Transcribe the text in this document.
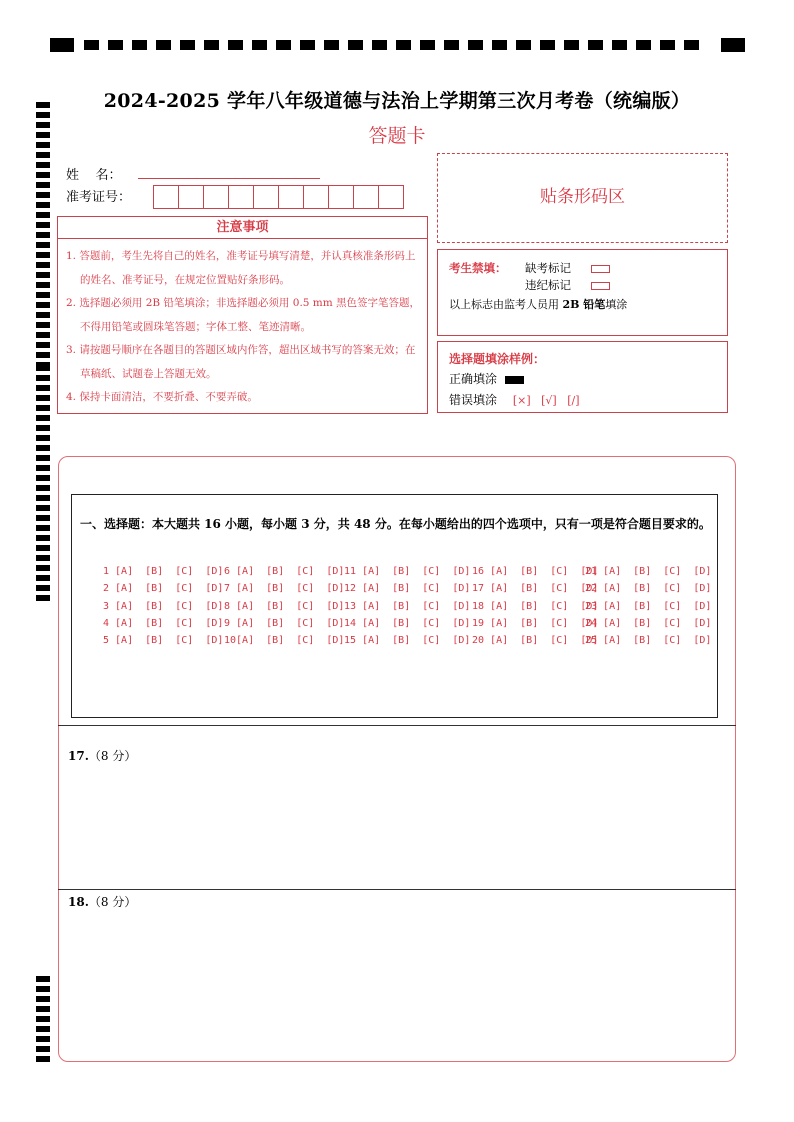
2024-2025 学年八年级道德与法治上学期第三次月考卷（统编版）
答题卡
姓    名：
准考证号：
注意事项

1. 答题前，考生先将自己的姓名，准考证号填写清楚，并认真核准条形码上的姓名、准考证号，在规定位置贴好条形码。

2. 选择题必须用 2B 铅笔填涂；非选择题必须用 0.5 mm 黑色签字笔答题，不得用铅笔或圆珠笔答题；字体工整、笔迹清晰。

3. 请按题号顺序在各题目的答题区域内作答，超出区域书写的答案无效；在草稿纸、试题卷上答题无效。

4. 保持卡面清洁，不要折叠、不要弄破。

贴条形码区
考生禁填： 缺考标记
违纪标记
以上标志由监考人员用 2B 铅笔填涂
选择题填涂样例：
正确填涂
错误填涂 [×]   [√]   [/]
一、选择题：本大题共 16 小题，每小题 3 分，共 48 分。在每小题给出的四个选项中，只有一项是符合题目要求的。
1 [A]  [B]  [C]  [D]
2 [A]  [B]  [C]  [D]
3 [A]  [B]  [C]  [D]
4 [A]  [B]  [C]  [D]
5 [A]  [B]  [C]  [D]
6 [A]  [B]  [C]  [D]
7 [A]  [B]  [C]  [D]
8 [A]  [B]  [C]  [D]
9 [A]  [B]  [C]  [D]
10[A]  [B]  [C]  [D]
11 [A]  [B]  [C]  [D]
12 [A]  [B]  [C]  [D]
13 [A]  [B]  [C]  [D]
14 [A]  [B]  [C]  [D]
15 [A]  [B]  [C]  [D]
16 [A]  [B]  [C]  [D]
17 [A]  [B]  [C]  [D]
18 [A]  [B]  [C]  [D]
19 [A]  [B]  [C]  [D]
20 [A]  [B]  [C]  [D]
21 [A]  [B]  [C]  [D]
22 [A]  [B]  [C]  [D]
23 [A]  [B]  [C]  [D]
24 [A]  [B]  [C]  [D]
25 [A]  [B]  [C]  [D]
17.（8 分）
18.（8 分）
